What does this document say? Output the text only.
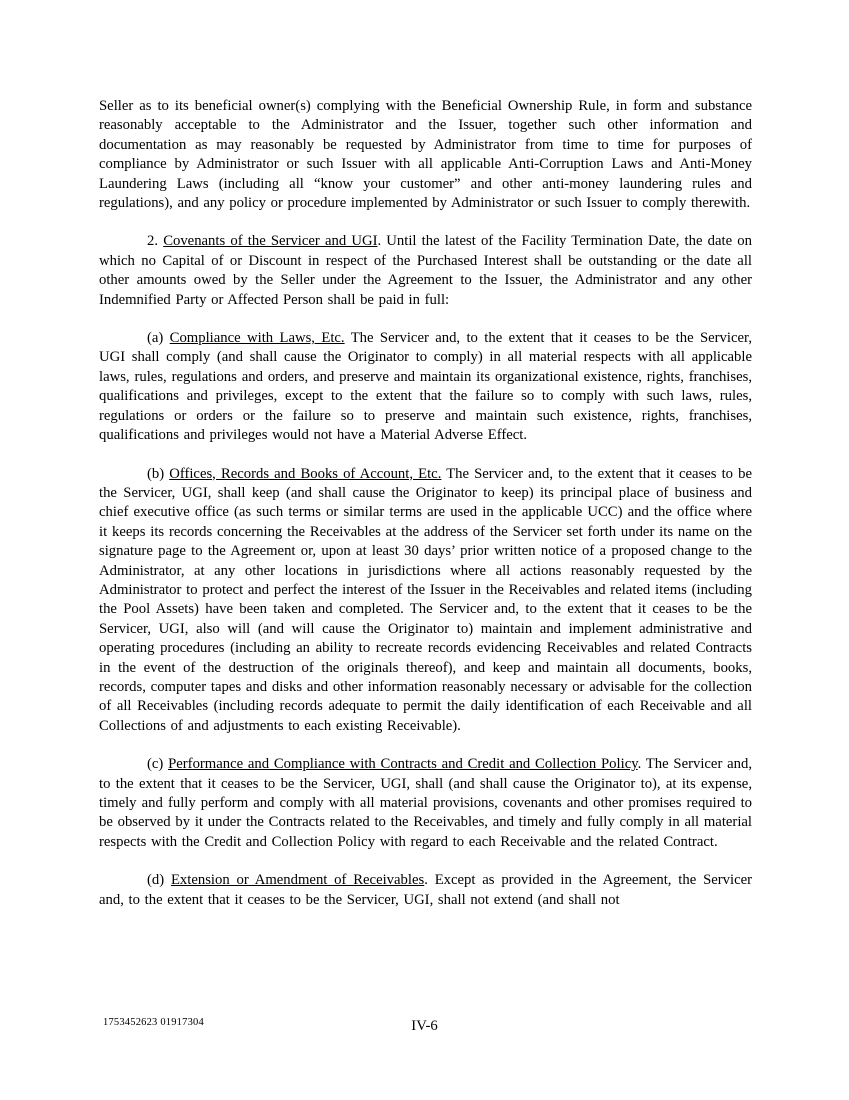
Seller as to its beneficial owner(s) complying with the Beneficial Ownership Rule, in form and substance reasonably acceptable to the Administrator and the Issuer, together such other information and documentation as may reasonably be requested by Administrator from time to time for purposes of compliance by Administrator or such Issuer with all applicable Anti-Corruption Laws and Anti-Money Laundering Laws (including all “know your customer” and other anti-money laundering rules and regulations), and any policy or procedure implemented by Administrator or such Issuer to comply therewith.

2. Covenants of the Servicer and UGI. Until the latest of the Facility Termination Date, the date on which no Capital of or Discount in respect of the Purchased Interest shall be outstanding or the date all other amounts owed by the Seller under the Agreement to the Issuer, the Administrator and any other Indemnified Party or Affected Person shall be paid in full:

(a) Compliance with Laws, Etc. The Servicer and, to the extent that it ceases to be the Servicer, UGI shall comply (and shall cause the Originator to comply) in all material respects with all applicable laws, rules, regulations and orders, and preserve and maintain its organizational existence, rights, franchises, qualifications and privileges, except to the extent that the failure so to comply with such laws, rules, regulations or orders or the failure so to preserve and maintain such existence, rights, franchises, qualifications and privileges would not have a Material Adverse Effect.

(b) Offices, Records and Books of Account, Etc. The Servicer and, to the extent that it ceases to be the Servicer, UGI, shall keep (and shall cause the Originator to keep) its principal place of business and chief executive office (as such terms or similar terms are used in the applicable UCC) and the office where it keeps its records concerning the Receivables at the address of the Servicer set forth under its name on the signature page to the Agreement or, upon at least 30 days’ prior written notice of a proposed change to the Administrator, at any other locations in jurisdictions where all actions reasonably requested by the Administrator to protect and perfect the interest of the Issuer in the Receivables and related items (including the Pool Assets) have been taken and completed. The Servicer and, to the extent that it ceases to be the Servicer, UGI, also will (and will cause the Originator to) maintain and implement administrative and operating procedures (including an ability to recreate records evidencing Receivables and related Contracts in the event of the destruction of the originals thereof), and keep and maintain all documents, books, records, computer tapes and disks and other information reasonably necessary or advisable for the collection of all Receivables (including records adequate to permit the daily identification of each Receivable and all Collections of and adjustments to each existing Receivable).

(c) Performance and Compliance with Contracts and Credit and Collection Policy. The Servicer and, to the extent that it ceases to be the Servicer, UGI, shall (and shall cause the Originator to), at its expense, timely and fully perform and comply with all material provisions, covenants and other promises required to be observed by it under the Contracts related to the Receivables, and timely and fully comply in all material respects with the Credit and Collection Policy with regard to each Receivable and the related Contract.

(d) Extension or Amendment of Receivables. Except as provided in the Agreement, the Servicer and, to the extent that it ceases to be the Servicer, UGI, shall not extend (and shall not

1753452623 01917304	IV-6
